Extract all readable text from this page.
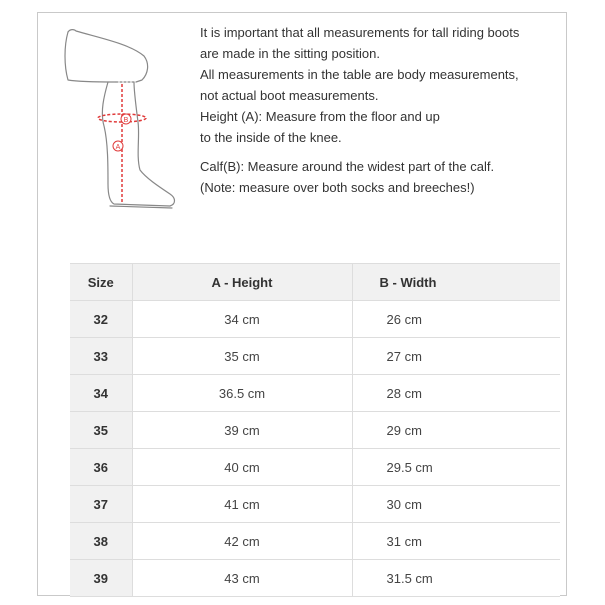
A
B
It is important that all measurements for tall riding boots
are made in the sitting position.
All measurements in the table are body measurements,
not actual boot measurements.
Height (A): Measure from the floor and up
to the inside of the knee.
Calf(B): Measure around the widest part of the calf.
(Note: measure over both socks and breeches!)
Size	A - Height	B - Width
32	34 cm	26 cm
33	35 cm	27 cm
34	36.5 cm	28 cm
35	39 cm	29 cm
36	40 cm	29.5 cm
37	41 cm	30 cm
38	42 cm	31 cm
39	43 cm	31.5 cm
